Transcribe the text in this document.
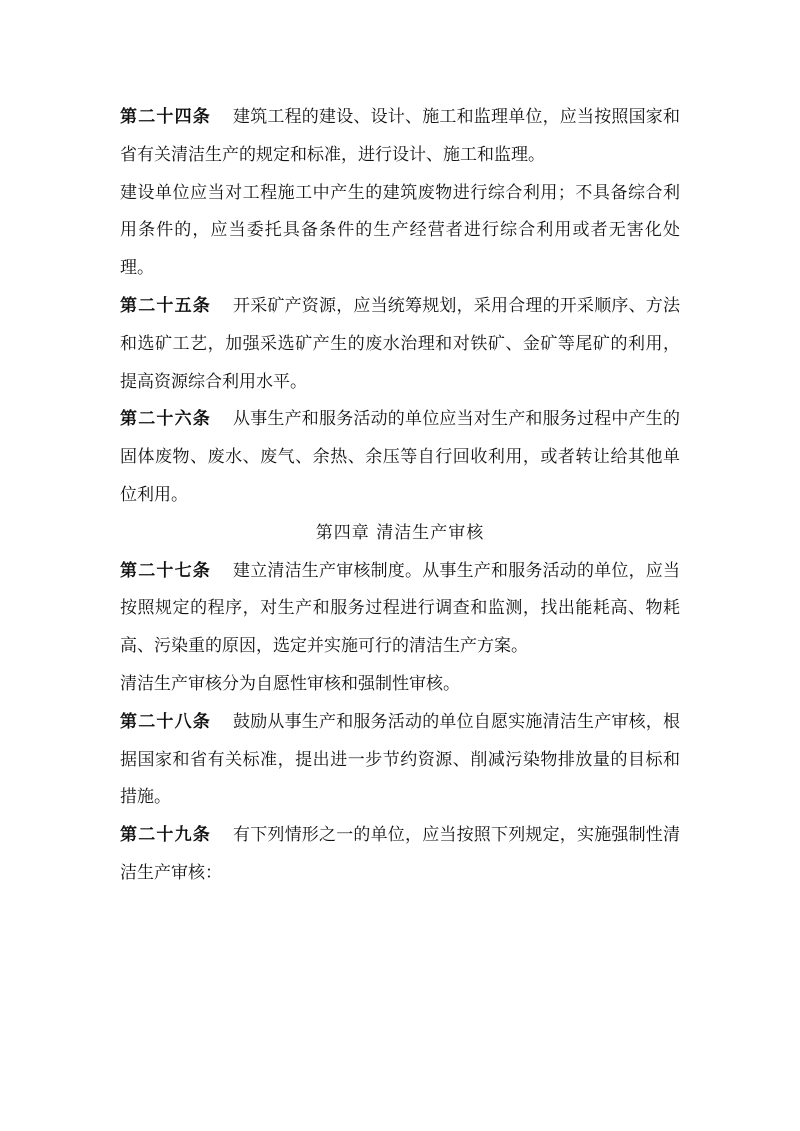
第二十四条 建筑工程的建设、设计、施工和监理单位，应当按照国家和省有关清洁生产的规定和标准，进行设计、施工和监理。

建设单位应当对工程施工中产生的建筑废物进行综合利用；不具备综合利用条件的，应当委托具备条件的生产经营者进行综合利用或者无害化处理。

第二十五条 开采矿产资源，应当统筹规划，采用合理的开采顺序、方法和选矿工艺，加强采选矿产生的废水治理和对铁矿、金矿等尾矿的利用，提高资源综合利用水平。

第二十六条 从事生产和服务活动的单位应当对生产和服务过程中产生的固体废物、废水、废气、余热、余压等自行回收利用，或者转让给其他单位利用。

第四章 清洁生产审核

第二十七条 建立清洁生产审核制度。从事生产和服务活动的单位，应当按照规定的程序，对生产和服务过程进行调查和监测，找出能耗高、物耗高、污染重的原因，选定并实施可行的清洁生产方案。

清洁生产审核分为自愿性审核和强制性审核。

第二十八条 鼓励从事生产和服务活动的单位自愿实施清洁生产审核，根据国家和省有关标准，提出进一步节约资源、削减污染物排放量的目标和措施。

第二十九条 有下列情形之一的单位，应当按照下列规定，实施强制性清洁生产审核：
